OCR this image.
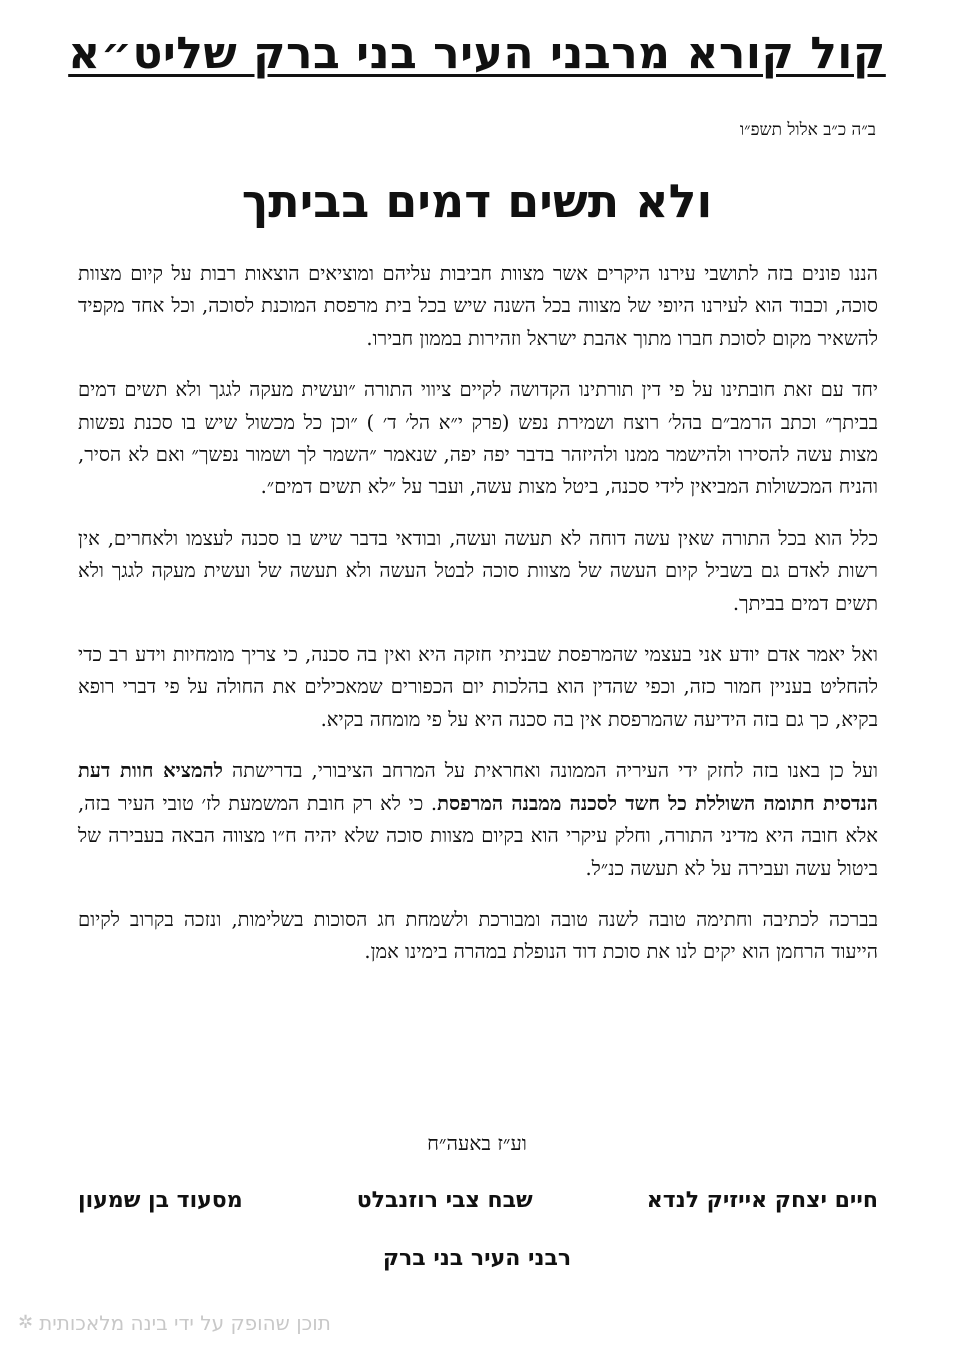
קול קורא מרבני העיר בני ברק שליט״א
ב״ה כ״ב אלול תשפ״ו
ולא תשים דמים בביתך

הננו פונים בזה לתושבי עירנו היקרים אשר מצוות חביבות עליהם ומוציאים הוצאות רבות על קיום מצוות סוכה, וכבוד הוא לעירנו היופי של מצווה בכל השנה שיש בכל בית מרפסת המוכנת לסוכה, וכל אחד מקפיד להשאיר מקום לסוכת חברו מתוך אהבת ישראל וזהירות בממון חבירו.

יחד עם זאת חובתינו על פי דין תורתינו הקדושה לקיים ציווי התורה ״ועשית מעקה לגגך ולא תשים דמים בביתך״ וכתב הרמב״ם בהל׳ רוצח ושמירת נפש (פרק י״א הל׳ ד׳ ) ״וכן כל מכשול שיש בו סכנת נפשות מצות עשה להסירו ולהישמר ממנו ולהיזהר בדבר יפה יפה, שנאמר ״השמר לך ושמור נפשך״ ואם לא הסיר, והניח המכשולות המביאין לידי סכנה, ביטל מצות עשה, ועבר על ״לא תשים דמים״.

כלל הוא בכל התורה שאין עשה דוחה לא תעשה ועשה, ובודאי בדבר שיש בו סכנה לעצמו ולאחרים, אין רשות לאדם גם בשביל קיום העשה של מצוות סוכה לבטל העשה ולא תעשה של ועשית מעקה לגגך ולא תשים דמים בביתך.

ואל יאמר אדם יודע אני בעצמי שהמרפסת שבניתי חזקה היא ואין בה סכנה, כי צריך מומחיות וידע רב כדי להחליט בעניין חמור כזה, וכפי שהדין הוא בהלכות יום הכפורים שמאכילים את החולה על פי דברי רופא בקיא, כך גם בזה הידיעה שהמרפסת אין בה סכנה היא על פי מומחה בקיא.

ועל כן באנו בזה לחזק ידי העיריה הממונה ואחראית על המרחב הציבורי, בדרישתה להמציא חוות דעת הנדסית חתומה השוללת כל חשד לסכנה ממבנה המרפסת. כי לא רק חובת המשמעת לז׳ טובי העיר בזה, אלא חובה היא מדיני התורה, וחלק עיקרי הוא בקיום מצוות סוכה שלא יהיה ח״ו מצווה הבאה בעבירה של ביטול עשה ועבירה על לא תעשה כנ״ל.

בברכה לכתיבה וחתימה טובה לשנה טובה ומבורכת ולשמחת חג הסוכות בשלימות, ונזכה בקרוב לקיום הייעוד הרחמן הוא יקים לנו את סוכת דוד הנופלת במהרה בימינו אמן.

וע״ז באעה״ח
חיים יצחק אייזיק לנדא
שבח צבי רוזנבלט
מסעוד בן שמעון
רבני העיר בני ברק
תוכן שהופק על ידי בינה מלאכותית
✲
